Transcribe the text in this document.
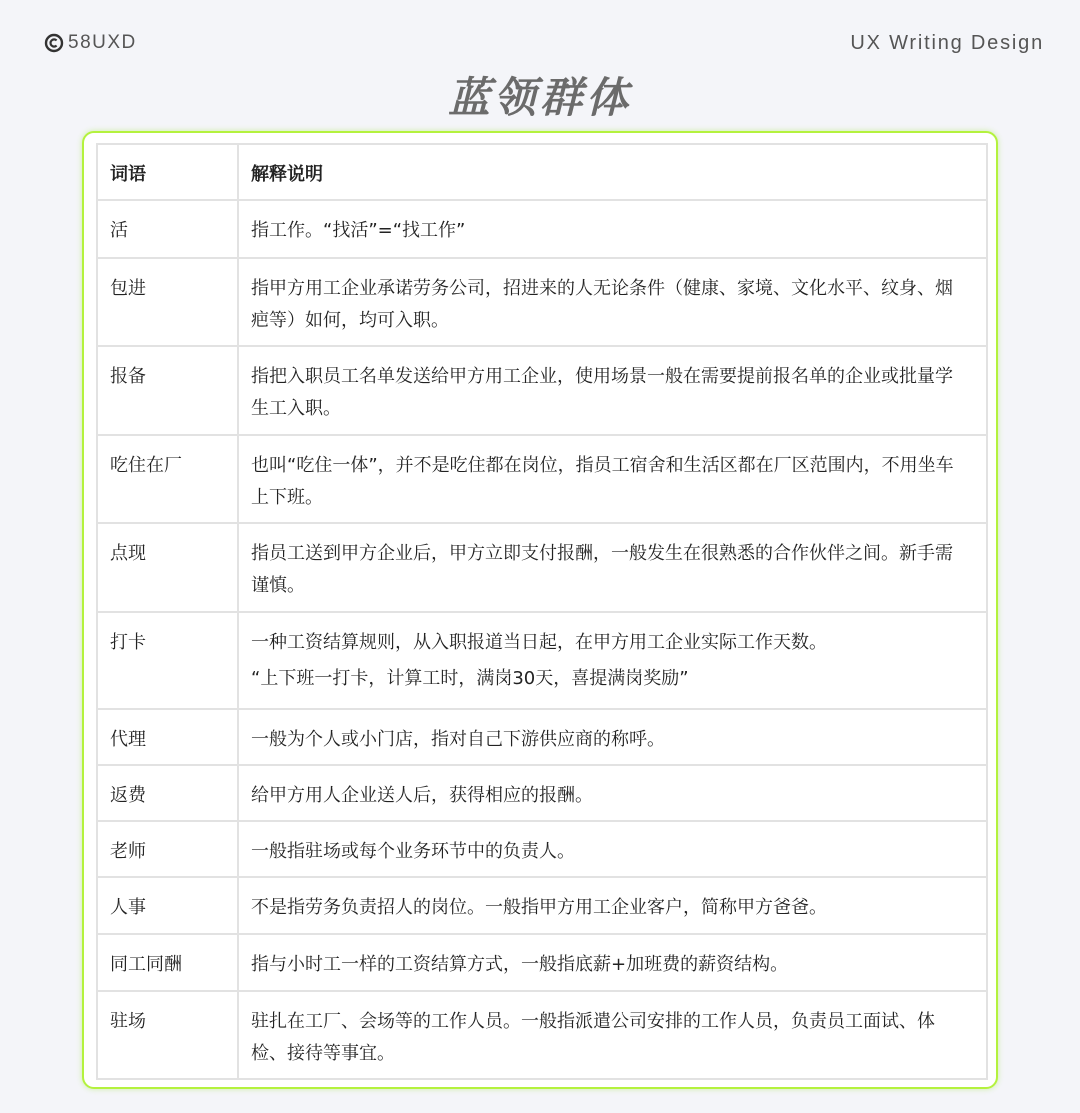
58UXD	UX Writing Design
蓝领群体
词语	解释说明
活	指工作。“找活”=“找工作”
包进	指甲方用工企业承诺劳务公司，招进来的人无论条件（健康、家境、文化水平、纹身、烟疤等）如何，均可入职。
报备	指把入职员工名单发送给甲方用工企业，使用场景一般在需要提前报名单的企业或批量学生工入职。
吃住在厂	也叫“吃住一体”，并不是吃住都在岗位，指员工宿舍和生活区都在厂区范围内，不用坐车上下班。
点现	指员工送到甲方企业后，甲方立即支付报酬，一般发生在很熟悉的合作伙伴之间。新手需谨慎。
打卡	一种工资结算规则，从入职报道当日起，在甲方用工企业实际工作天数。
“上下班一打卡，计算工时，满岗30天，喜提满岗奖励”

代理	一般为个人或小门店，指对自己下游供应商的称呼。
返费	给甲方用人企业送人后，获得相应的报酬。
老师	一般指驻场或每个业务环节中的负责人。
人事	不是指劳务负责招人的岗位。一般指甲方用工企业客户，简称甲方爸爸。
同工同酬	指与小时工一样的工资结算方式，一般指底薪+加班费的薪资结构。
驻场	驻扎在工厂、会场等的工作人员。一般指派遣公司安排的工作人员，负责员工面试、体检、接待等事宜。
